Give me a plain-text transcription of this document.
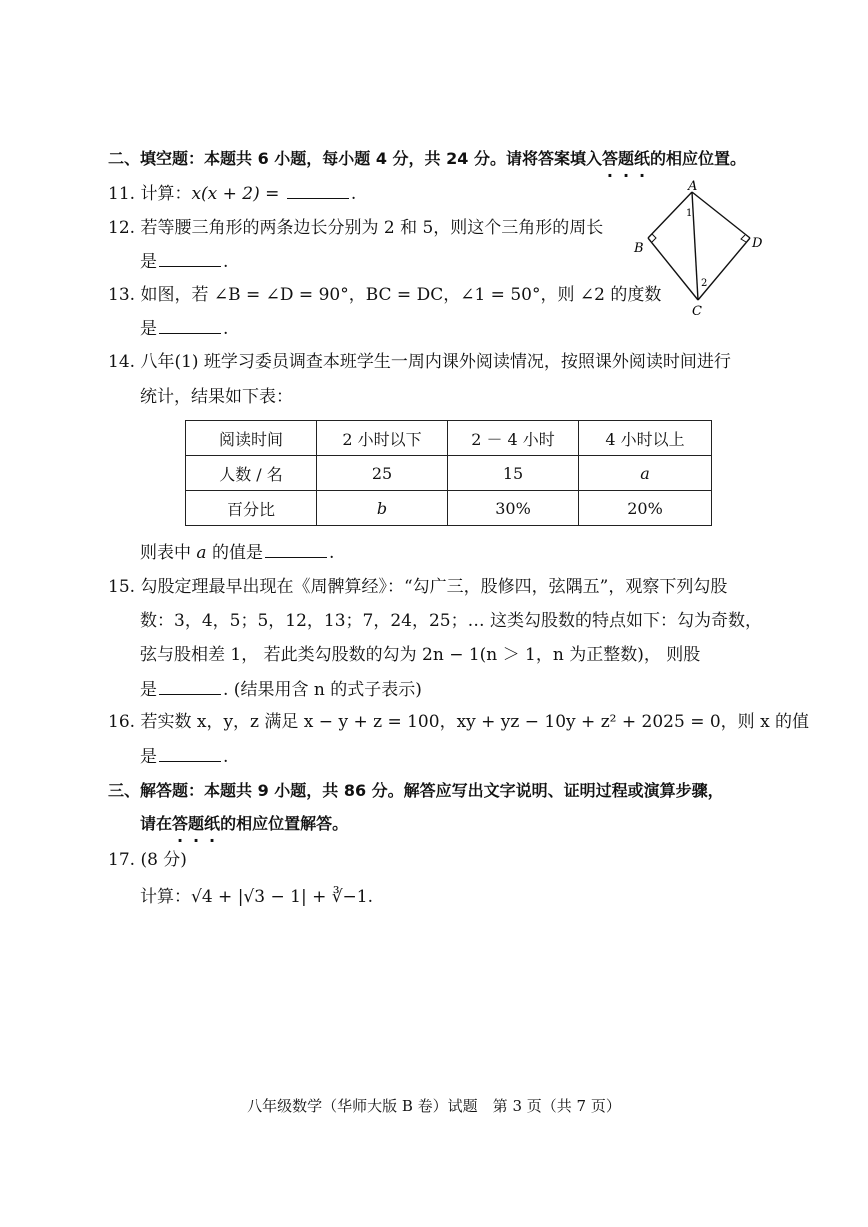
二、填空题：本题共 6 小题，每小题 4 分，共 24 分。请将答案填入答题纸的相应位置。
11. 计算：x(x + 2) =	.
12. 若等腰三角形的两条边长分别为 2 和 5，则这个三角形的周长
是	.
13. 如图，若 ∠B = ∠D = 90°，BC = DC，∠1 = 50°，则 ∠2 的度数
是	.
A
B
C
D
1
2
14. 八年(1) 班学习委员调查本班学生一周内课外阅读情况，按照课外阅读时间进行
统计，结果如下表：
阅读时间	2 小时以下	2 － 4 小时	4 小时以上
人数 / 名	25	15	a
百分比	b	30%	20%
则表中 a 的值是	.
15. 勾股定理最早出现在《周髀算经》：“勾广三，股修四，弦隅五”，观察下列勾股
数：3，4，5；5，12，13；7，24，25；… 这类勾股数的特点如下：勾为奇数，
弦与股相差 1， 若此类勾股数的勾为 2n − 1(n ＞ 1，n 为正整数)， 则股
是	. (结果用含 n 的式子表示)
16. 若实数 x，y，z 满足 x − y + z = 100，xy + yz − 10y + z² + 2025 = 0，则 x 的值
是	.
三、解答题：本题共 9 小题，共 86 分。解答应写出文字说明、证明过程或演算步骤，
请在答题纸的相应位置解答。
17. (8 分)
计算：√4 + |√3 − 1| + ∛−1.
八年级数学（华师大版 B 卷）试题　第 3 页（共 7 页）
